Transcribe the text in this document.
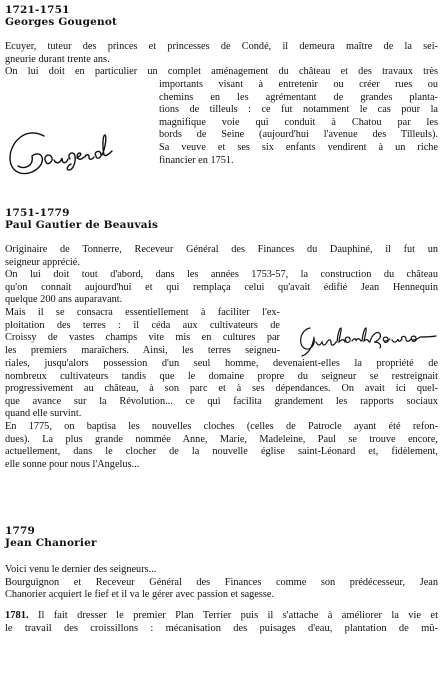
1721-1751
Georges Gougenot
Ecuyer, tuteur des princes et princesses de Condé, il demeura maître de la sei-
gneurie durant trente ans.
On lui doit en particulier un complet aménagement du château et des travaux très
importants visant à entretenir ou créer rues ou
chemins en les agrémentant de grandes planta-
tions de tilleuls : ce fut notamment le cas pour la
magnifique voie qui conduit à Chatou par les
bords de Seine (aujourd'hui l'avenue des Tilleuls).
Sa veuve et ses six enfants vendirent à un riche
financier en 1751.
1751-1779
Paul Gautier de Beauvais
Originaire de Tonnerre, Receveur Général des Finances du Dauphiné, il fut un
seigneur apprécié.
On lui doit tout d'abord, dans les années 1753-57, la construction du château
qu'on connait aujourd'hui et qui remplaça celui qu'avait édifié Jean Hennequin
quelque 200 ans auparavant.
Mais il se consacra essentiellement à faciliter l'ex-
ploitation des terres : il céda aux cultivateurs de
Croissy de vastes champs vite mis en cultures par
les premiers maraîchers. Ainsi, les terres seigneu-
riales, jusqu'alors possession d'un seul homme, devenaient-elles la propriété de
nombreux cultivateurs tandis que le domaine propre du seigneur se restreignait
progressivement au château, à son parc et à ses dépendances. On avait ici quel-
que avance sur la Révolution... ce qui facilita grandement les rapports sociaux
quand elle survint.
En 1775, on baptisa les nouvelles cloches (celles de Patrocle ayant été refon-
dues). La plus grande nommée Anne, Marie, Madeleine, Paul se trouve encore,
actuellement, dans le clocher de la nouvelle église saint-Léonard et, fidèlement,
elle sonne pour nous l'Angelus...
1779
Jean Chanorier
Voici venu le dernier des seigneurs...
Bourguignon et Receveur Général des Finances comme son prédécesseur, Jean
Chanorier acquiert le fief et il va le gérer avec passion et sagesse.
1781. Il fait dresser le premier Plan Terrier puis il s'attache à améliorer la vie et
le travail des croissillons : mécanisation des puisages d'eau, plantation de mû-
